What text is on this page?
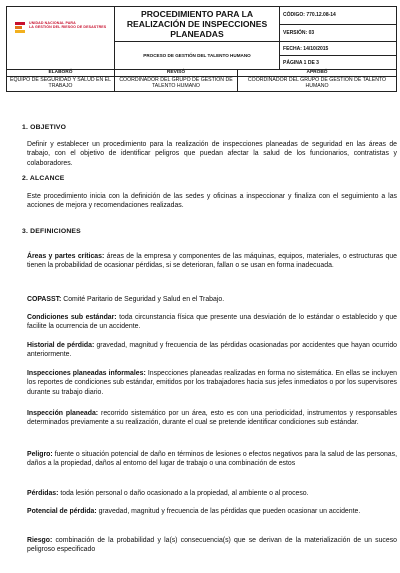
UNIDAD NACIONAL PARA
LA GESTIÓN DEL RIESGO DE DESASTRES	PROCEDIMIENTO PARA LA REALIZACIÓN DE INSPECCIONES PLANEADAS		CÓDIGO: 770.12.08-14
			VERSIÓN: 03
	PROCESO DE GESTIÓN DEL TALENTO HUMANO		FECHA: 14/10/2015
			PÁGINA 1 DE 3
ELABORÓ	REVISÓ	APROBÓ	
EQUIPO DE SEGURIDAD Y SALUD EN EL TRABAJO	COORDINADOR DEL GRUPO DE GESTIÓN DE TALENTO HUMANO	COORDINADOR DEL GRUPO DE GESTIÓN DE TALENTO HUMANO	
1. OBJETIVO
Definir y establecer un procedimiento para la realización de inspecciones planeadas de seguridad en las áreas de trabajo, con el objetivo de identificar peligros que puedan afectar la salud de los funcionarios, contratistas y colaboradores.
2. ALCANCE
Este procedimiento inicia con la definición de las sedes y oficinas a inspeccionar y finaliza con el seguimiento a las acciones de mejora y recomendaciones realizadas.
3. DEFINICIONES
Áreas y partes críticas: áreas de la empresa y componentes de las máquinas, equipos, materiales, o estructuras que tienen la probabilidad de ocasionar pérdidas, si se deterioran, fallan o se usan en forma inadecuada.
COPASST: Comité Paritario de Seguridad y Salud en el Trabajo.
Condiciones sub estándar: toda circunstancia física que presente una desviación de lo estándar o establecido y que facilite la ocurrencia de un accidente.
Historial de pérdida: gravedad, magnitud y frecuencia de las pérdidas ocasionadas por accidentes que hayan ocurrido anteriormente.
Inspecciones planeadas informales: Inspecciones planeadas realizadas en forma no sistemática. En ellas se incluyen los reportes de condiciones sub estándar, emitidos por los trabajadores hacia sus jefes inmediatos o por los supervisores durante su trabajo diario.
Inspección planeada: recorrido sistemático por un área, esto es con una periodicidad, instrumentos y responsables determinados previamente a su realización, durante el cual se pretende identificar condiciones sub estándar.
Peligro: fuente o situación potencial de daño en términos de lesiones o efectos negativos para la salud de las personas, daños a la propiedad, daños al entorno del lugar de trabajo o una combinación de estos
Pérdidas: toda lesión personal o daño ocasionado a la propiedad, al ambiente o al proceso.
Potencial de pérdida: gravedad, magnitud y frecuencia de las pérdidas que pueden ocasionar un accidente.
Riesgo: combinación de la probabilidad y la(s) consecuencia(s) que se derivan de la materialización de un suceso peligroso especificado
